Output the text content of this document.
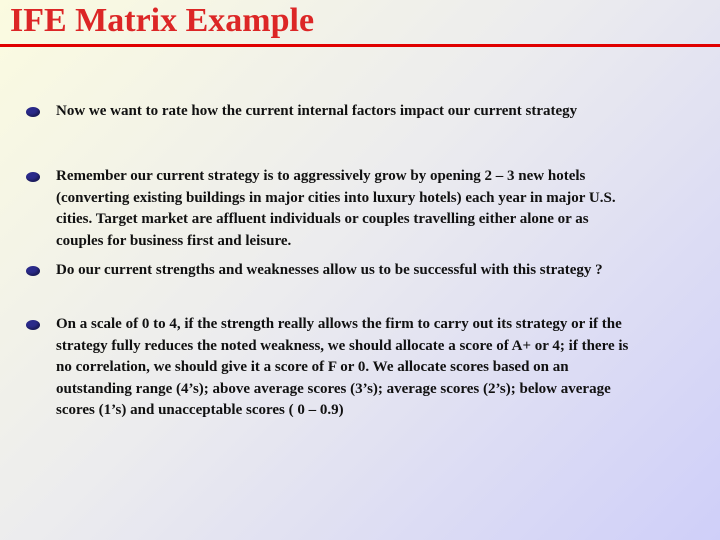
IFE Matrix Example
Now we want to rate how the current internal factors impact our current strategy
Remember our current strategy is to aggressively grow by opening 2 – 3 new hotels (converting existing buildings in major cities into luxury hotels) each year in major U.S. cities. Target market are affluent individuals or couples travelling either alone or as couples for business first and leisure.
Do our current strengths and weaknesses allow us to be successful with this strategy ?
On a scale of 0 to 4, if the strength really allows the firm to carry out its strategy or if the strategy fully reduces the noted weakness, we should allocate a score of A+ or 4; if there is no correlation, we should give it a score of F or 0. We allocate scores based on an outstanding range (4’s); above average scores (3’s); average scores (2’s); below average scores (1’s) and unacceptable scores ( 0 – 0.9)
